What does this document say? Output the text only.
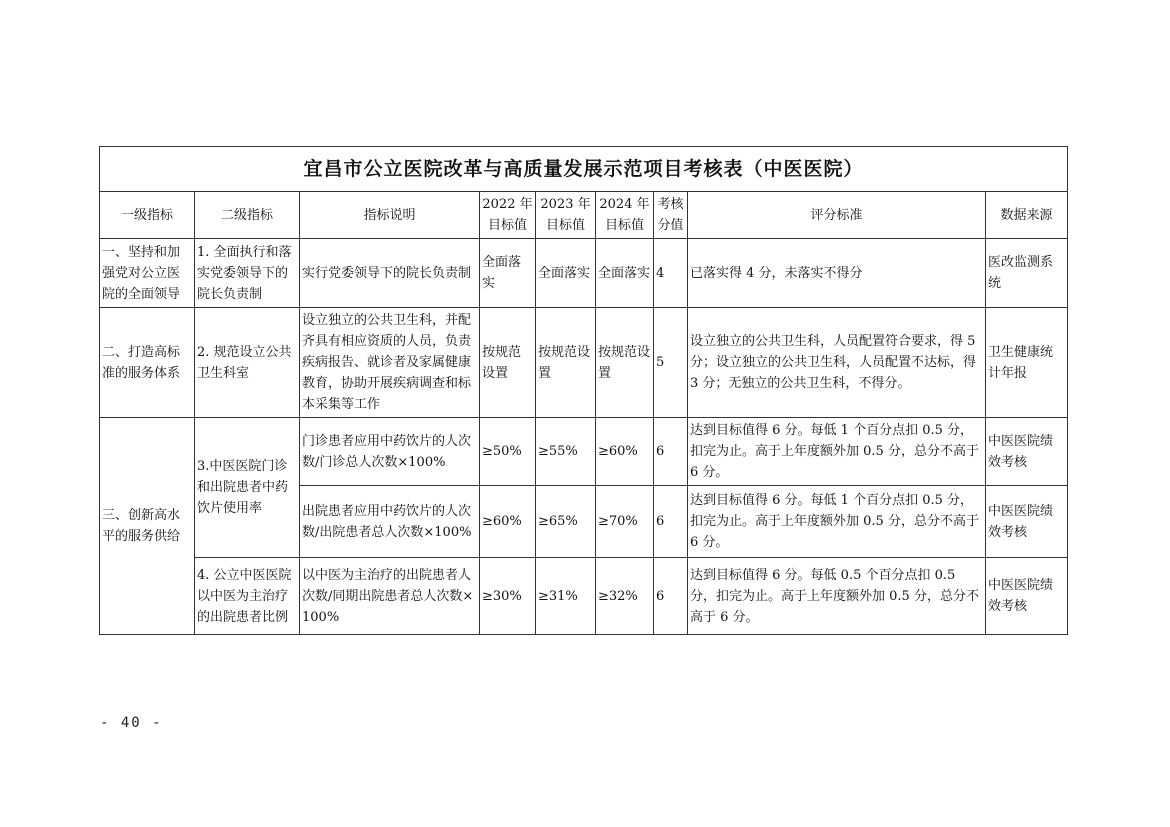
宜昌市公立医院改革与高质量发展示范项目考核表（中医医院）								
一级指标	二级指标	指标说明	2022 年目标值	2023 年目标值	2024 年目标值	考核分值	评分标准	数据来源
一、坚持和加强党对公立医院的全面领导	1. 全面执行和落实党委领导下的院长负责制	实行党委领导下的院长负责制	全面落实	全面落实	全面落实	4	已落实得 4 分，未落实不得分	医改监测系统
二、打造高标准的服务体系	2. 规范设立公共卫生科室	设立独立的公共卫生科，并配齐具有相应资质的人员，负责疾病报告、就诊者及家属健康教育，协助开展疾病调查和标本采集等工作	按规范设置	按规范设置	按规范设置	5	设立独立的公共卫生科，人员配置符合要求，得 5 分；设立独立的公共卫生科，人员配置不达标，得 3 分；无独立的公共卫生科，不得分。	卫生健康统计年报
三、创新高水平的服务供给	3.中医医院门诊和出院患者中药饮片使用率	门诊患者应用中药饮片的人次数/门诊总人次数×100%	≥50%	≥55%	≥60%	6	达到目标值得 6 分。每低 1 个百分点扣 0.5 分，扣完为止。高于上年度额外加 0.5 分，总分不高于 6 分。	中医医院绩效考核
		出院患者应用中药饮片的人次数/出院患者总人次数×100%	≥60%	≥65%	≥70%	6	达到目标值得 6 分。每低 1 个百分点扣 0.5 分，扣完为止。高于上年度额外加 0.5 分，总分不高于 6 分。	中医医院绩效考核
	4. 公立中医医院以中医为主治疗的出院患者比例	以中医为主治疗的出院患者人次数/同期出院患者总人次数×100%	≥30%	≥31%	≥32%	6	达到目标值得 6 分。每低 0.5 个百分点扣 0.5 分，扣完为止。高于上年度额外加 0.5 分，总分不高于 6 分。	中医医院绩效考核
- 40 -
